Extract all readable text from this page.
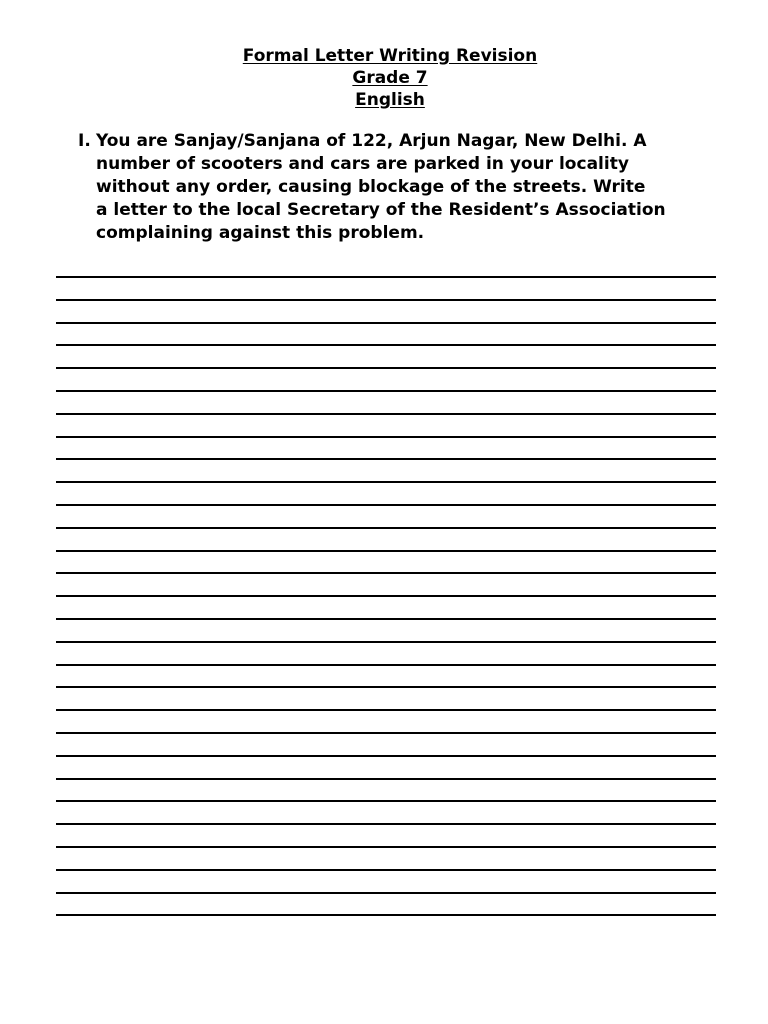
Formal Letter Writing Revision
Grade 7
English
I. You are Sanjay/Sanjana of 122, Arjun Nagar, New Delhi. A
number of scooters and cars are parked in your locality
without any order, causing blockage of the streets. Write
a letter to the local Secretary of the Resident’s Association
complaining against this problem.
